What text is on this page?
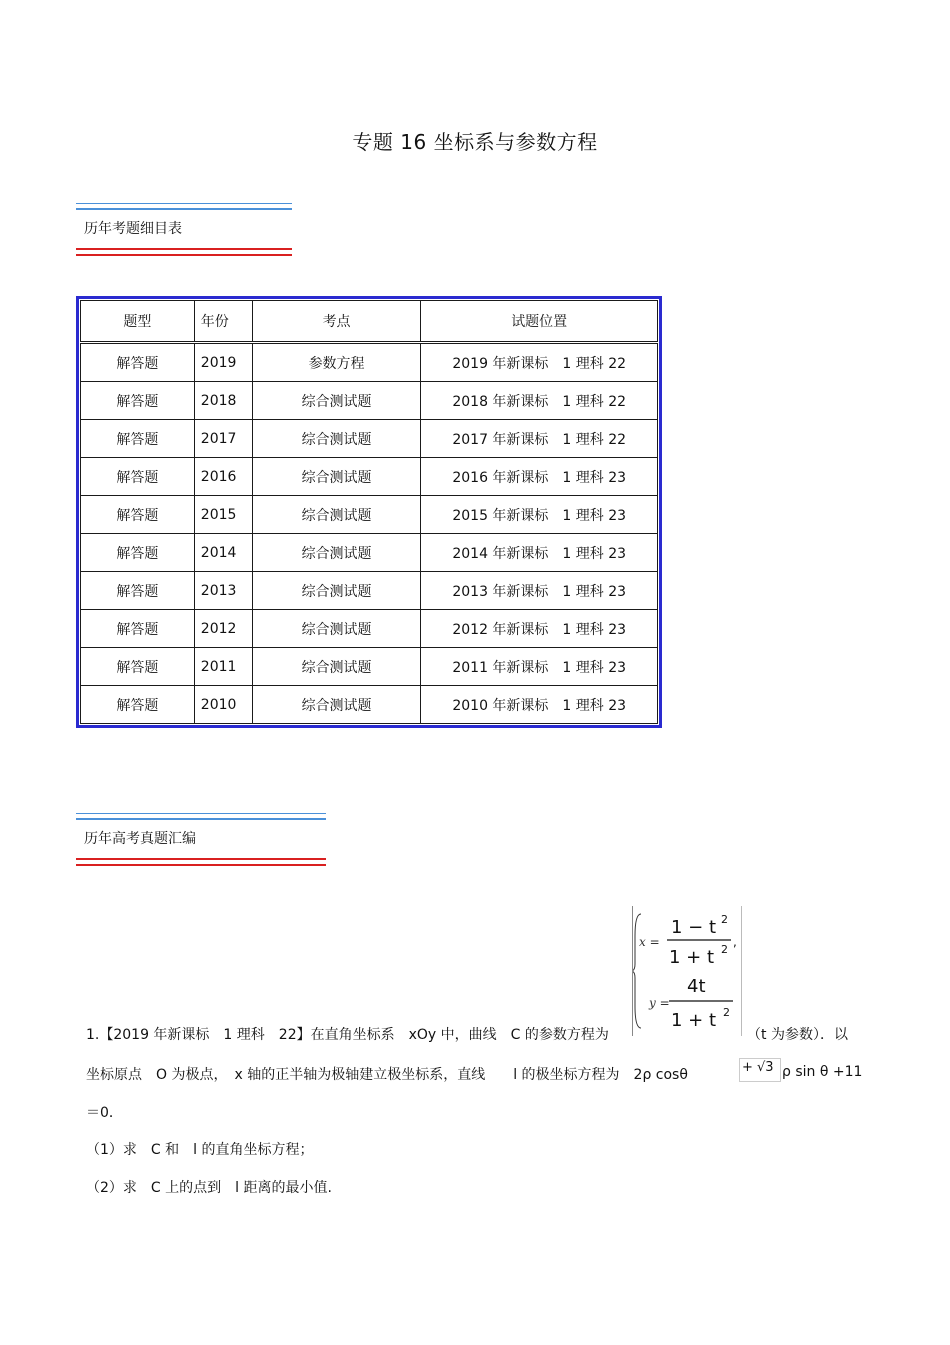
专题 16 坐标系与参数方程
历年考题细目表
题型	年份	考点	试题位置
解答题	2019	参数方程	2019 年新课标　1 理科 22
解答题	2018	综合测试题	2018 年新课标　1 理科 22
解答题	2017	综合测试题	2017 年新课标　1 理科 22
解答题	2016	综合测试题	2016 年新课标　1 理科 23
解答题	2015	综合测试题	2015 年新课标　1 理科 23
解答题	2014	综合测试题	2014 年新课标　1 理科 23
解答题	2013	综合测试题	2013 年新课标　1 理科 23
解答题	2012	综合测试题	2012 年新课标　1 理科 23
解答题	2011	综合测试题	2011 年新课标　1 理科 23
解答题	2010	综合测试题	2010 年新课标　1 理科 23
历年高考真题汇编
x =
1 − t 2
,
1 + t 2
y =
4t
1 + t 2
1.【2019 年新课标　1 理科　22】在直角坐标系　xOy 中，曲线　C 的参数方程为	（t 为参数）．以
坐标原点　O 为极点，　x 轴的正半轴为极轴建立极坐标系，直线　　l 的极坐标方程为　2ρ cosθ	+ √3 ρ sin θ +11
＝0．
（1）求　C 和　l 的直角坐标方程；
（2）求　C 上的点到　l 距离的最小值.
